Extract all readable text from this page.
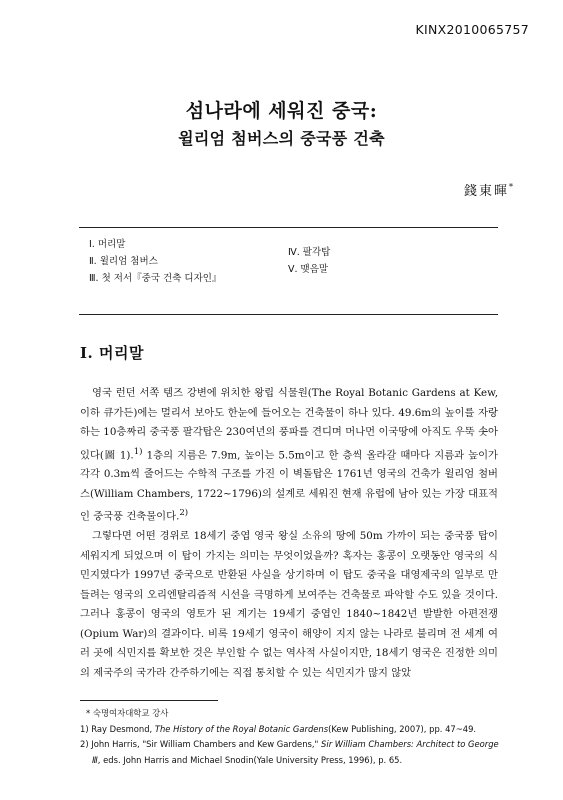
KINX2010065757
섬나라에 세워진 중국:
윌리엄 첨버스의 중국풍 건축
錢東暉*
Ⅰ. 머리말
Ⅱ. 윌리엄 첨버스
Ⅲ. 첫 저서『중국 건축 디자인』
Ⅳ. 팔각탑
Ⅴ. 맺음말
Ⅰ. 머리말

영국 런던 서쪽 템즈 강변에 위치한 왕립 식물원(The Royal Botanic Gardens at Kew, 이하 큐가든)에는 멀리서 보아도 한눈에 들어오는 건축물이 하나 있다. 49.6m의 높이를 자랑하는 10층짜리 중국풍 팔각탑은 230여년의 풍파를 견디며 머나먼 이국땅에 아직도 우뚝 솟아 있다(圖 1).$^{1)}$ 1층의 지름은 7.9m, 높이는 5.5m이고 한 층씩 올라갈 때마다 지름과 높이가 각각 0.3m씩 줄어드는 수학적 구조를 가진 이 벽돌탑은 1761년 영국의 건축가 윌리엄 첨버스(William Chambers, 1722~1796)의 설계로 세워진 현재 유럽에 남아 있는 가장 대표적인 중국풍 건축물이다.$^{2)}$

그렇다면 어떤 경위로 18세기 중엽 영국 왕실 소유의 땅에 50m 가까이 되는 중국풍 탑이 세워지게 되었으며 이 탑이 가지는 의미는 무엇이었을까? 혹자는 홍콩이 오랫동안 영국의 식민지였다가 1997년 중국으로 반환된 사실을 상기하며 이 탑도 중국을 대영제국의 일부로 만들려는 영국의 오리엔탈리즘적 시선을 극명하게 보여주는 건축물로 파악할 수도 있을 것이다. 그러나 홍콩이 영국의 영토가 된 계기는 19세기 중엽인 1840~1842년 발발한 아편전쟁(Opium War)의 결과이다. 비록 19세기 영국이 해양이 지지 않는 나라로 불리며 전 세계 여러 곳에 식민지를 확보한 것은 부인할 수 없는 역사적 사실이지만, 18세기 영국은 진정한 의미의 제국주의 국가라 간주하기에는 직접 통치할 수 있는 식민지가 많지 않았

* 숙명여자대학교 강사
1) Ray Desmond, The History of the Royal Botanic Gardens(Kew Publishing, 2007), pp. 47~49.
2) John Harris, "Sir William Chambers and Kew Gardens," Sir William Chambers: Architect to George Ⅲ, eds. John Harris and Michael Snodin(Yale University Press, 1996), p. 65.
